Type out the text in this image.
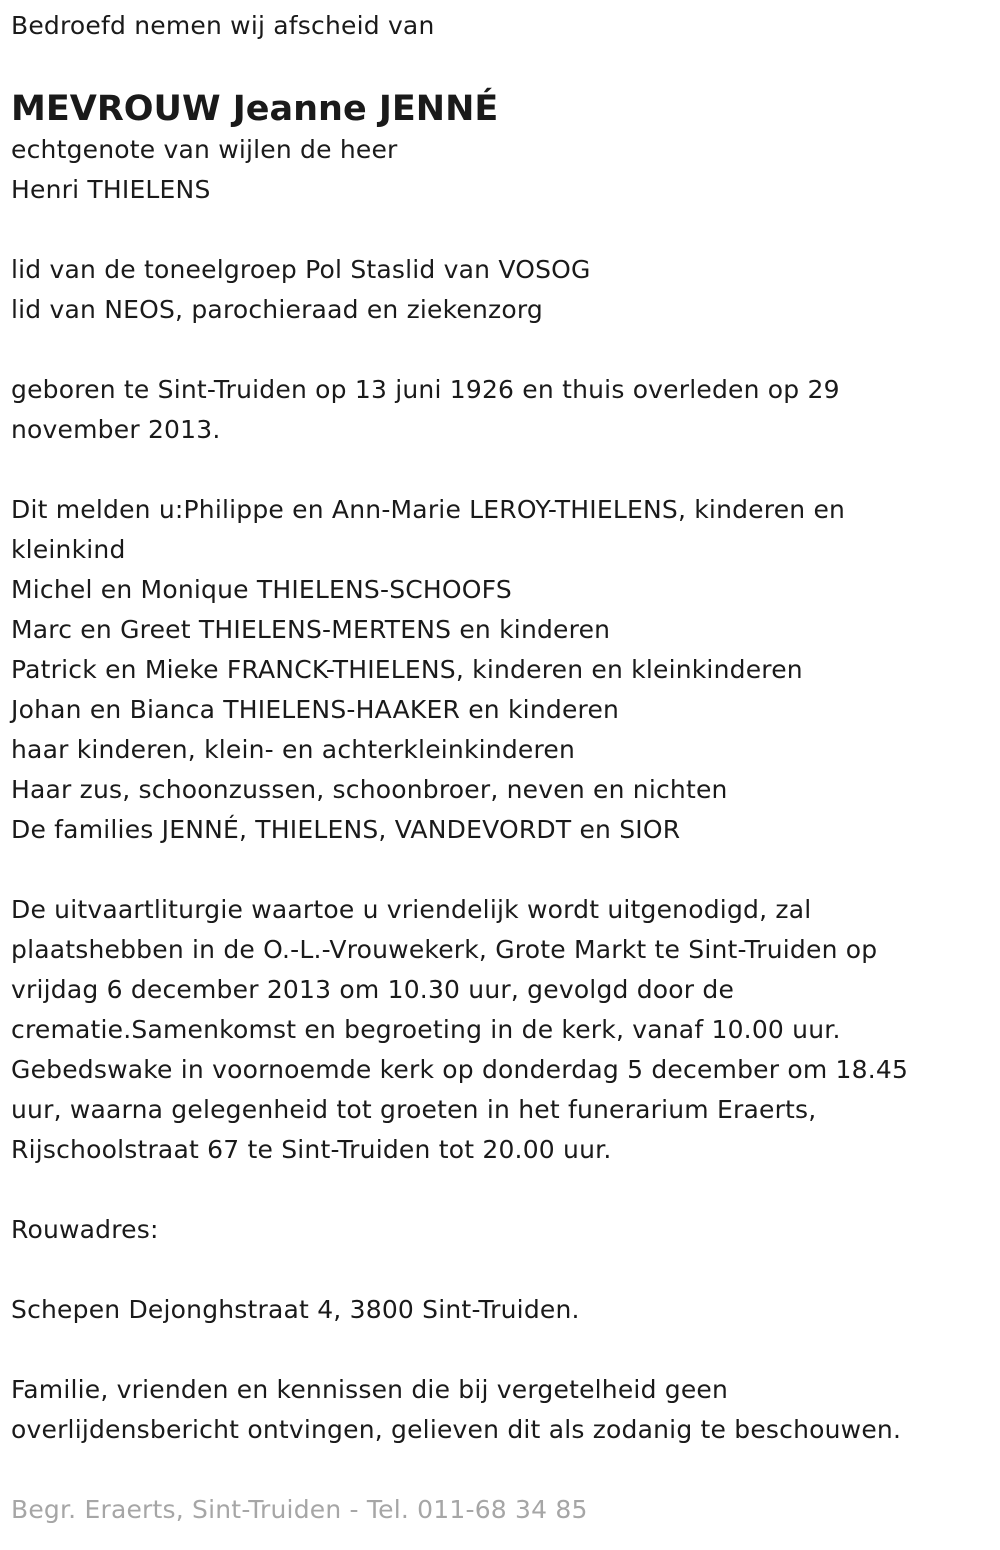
Bedroefd nemen wij afscheid van
MEVROUW Jeanne JENNÉ
echtgenote van wijlen de heer
Henri THIELENS
lid van de toneelgroep Pol Staslid van VOSOG
lid van NEOS, parochieraad en ziekenzorg
geboren te Sint-Truiden op 13 juni 1926 en thuis overleden op 29
november 2013.
Dit melden u:Philippe en Ann-Marie LEROY-THIELENS, kinderen en
kleinkind
Michel en Monique THIELENS-SCHOOFS
Marc en Greet THIELENS-MERTENS en kinderen
Patrick en Mieke FRANCK-THIELENS, kinderen en kleinkinderen
Johan en Bianca THIELENS-HAAKER en kinderen
haar kinderen, klein- en achterkleinkinderen
Haar zus, schoonzussen, schoonbroer, neven en nichten
De families JENNÉ, THIELENS, VANDEVORDT en SIOR
De uitvaartliturgie waartoe u vriendelijk wordt uitgenodigd, zal
plaatshebben in de O.-L.-Vrouwekerk, Grote Markt te Sint-Truiden op
vrijdag 6 december 2013 om 10.30 uur, gevolgd door de
crematie.Samenkomst en begroeting in de kerk, vanaf 10.00 uur.
Gebedswake in voornoemde kerk op donderdag 5 december om 18.45
uur, waarna gelegenheid tot groeten in het funerarium Eraerts,
Rijschoolstraat 67 te Sint-Truiden tot 20.00 uur.
Rouwadres:
Schepen Dejonghstraat 4, 3800 Sint-Truiden.
Familie, vrienden en kennissen die bij vergetelheid geen
overlijdensbericht ontvingen, gelieven dit als zodanig te beschouwen.
Begr. Eraerts, Sint-Truiden - Tel. 011-68 34 85
